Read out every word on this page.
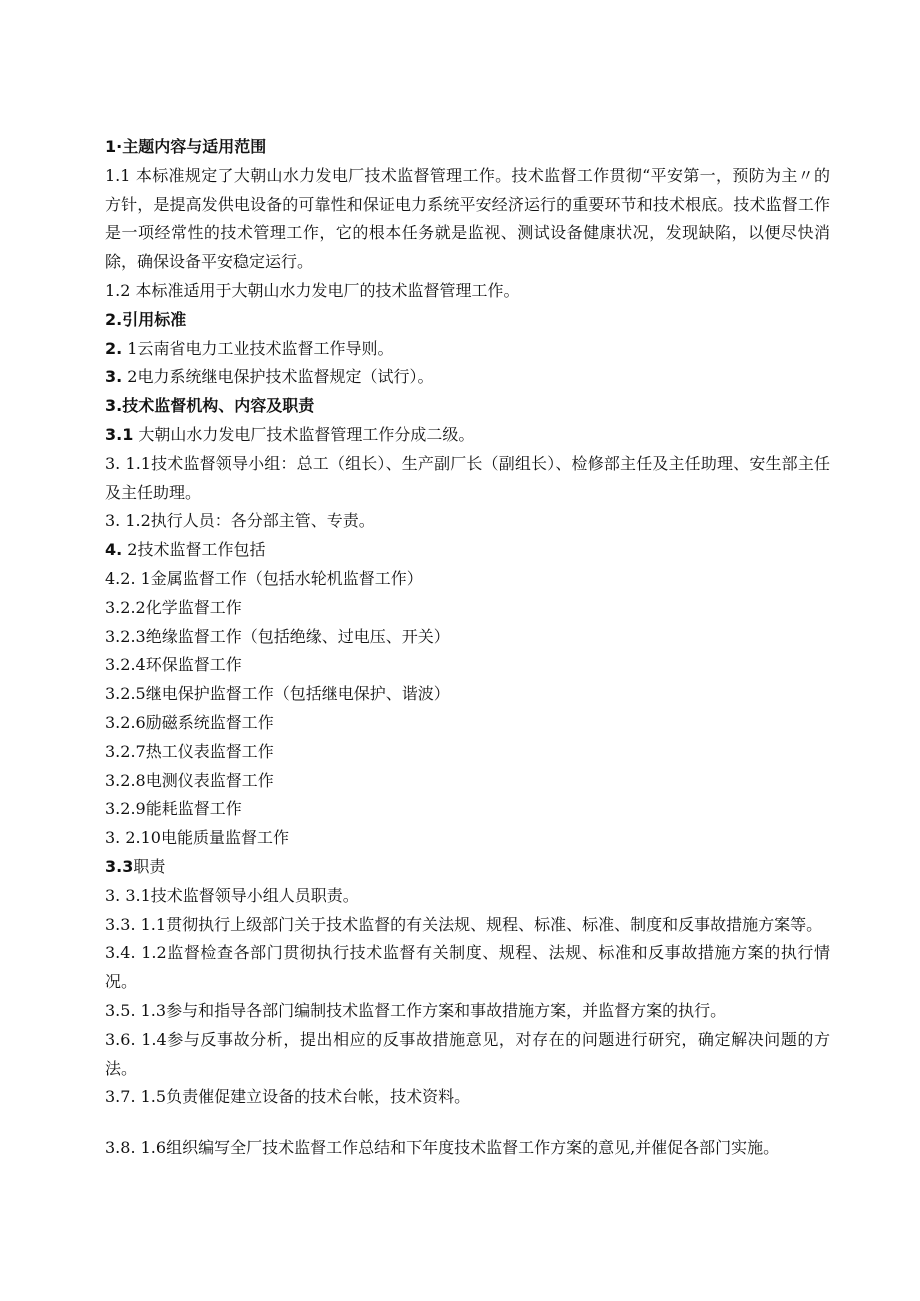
1·主题内容与适用范围
1.1 本标准规定了大朝山水力发电厂技术监督管理工作。技术监督工作贯彻“平安第一，预防为主〃的方针，是提高发供电设备的可靠性和保证电力系统平安经济运行的重要环节和技术根底。技术监督工作是一项经常性的技术管理工作，它的根本任务就是监视、测试设备健康状况，发现缺陷，以便尽快消除，确保设备平安稳定运行。
1.2 本标准适用于大朝山水力发电厂的技术监督管理工作。
2.引用标准
2. 1云南省电力工业技术监督工作导则。
3. 2电力系统继电保护技术监督规定（试行）。
3.技术监督机构、内容及职责
3.1 大朝山水力发电厂技术监督管理工作分成二级。
3. 1.1技术监督领导小组：总工（组长）、生产副厂长（副组长）、检修部主任及主任助理、安生部主任及主任助理。
3. 1.2执行人员：各分部主管、专责。
4. 2技术监督工作包括
4.2. 1金属监督工作（包括水轮机监督工作）
3.2.2化学监督工作
3.2.3绝缘监督工作（包括绝缘、过电压、开关）
3.2.4环保监督工作
3.2.5继电保护监督工作（包括继电保护、谐波）
3.2.6励磁系统监督工作
3.2.7热工仪表监督工作
3.2.8电测仪表监督工作
3.2.9能耗监督工作
3. 2.10电能质量监督工作
3.3职责
3. 3.1技术监督领导小组人员职责。
3.3. 1.1贯彻执行上级部门关于技术监督的有关法规、规程、标准、标准、制度和反事故措施方案等。
3.4. 1.2监督检查各部门贯彻执行技术监督有关制度、规程、法规、标准和反事故措施方案的执行情况。
3.5. 1.3参与和指导各部门编制技术监督工作方案和事故措施方案，并监督方案的执行。
3.6. 1.4参与反事故分析，提出相应的反事故措施意见，对存在的问题进行研究，确定解决问题的方法。
3.7. 1.5负责催促建立设备的技术台帐，技术资料。
3.8. 1.6组织编写全厂技术监督工作总结和下年度技术监督工作方案的意见,并催促各部门实施。
